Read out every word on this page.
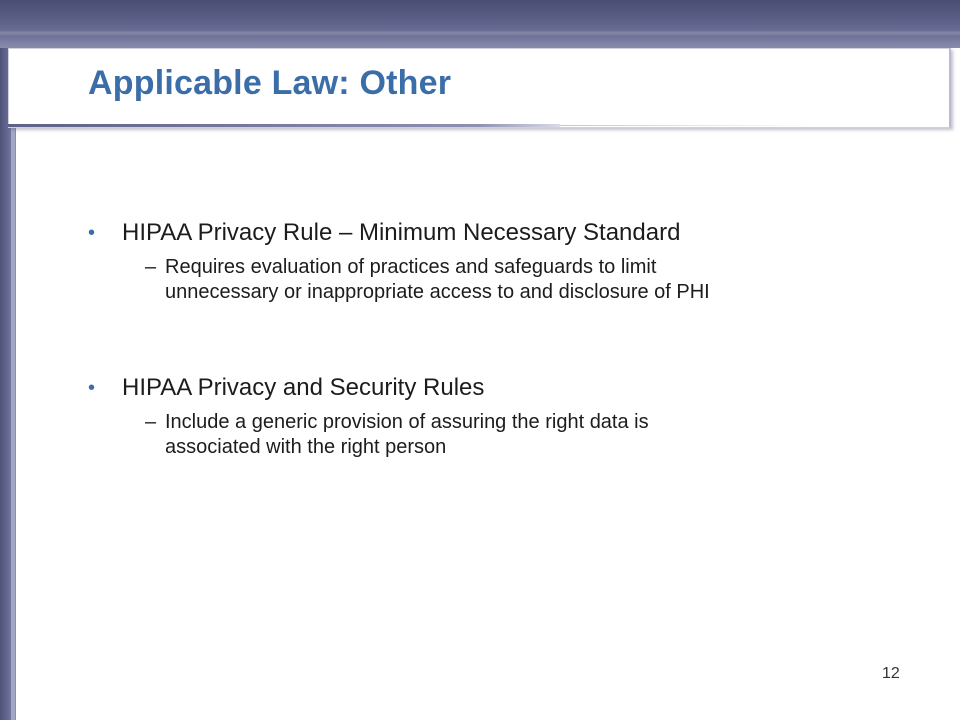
Applicable Law: Other
• HIPAA Privacy Rule – Minimum Necessary Standard
– Requires evaluation of practices and safeguards to limit
unnecessary or inappropriate access to and disclosure of PHI
• HIPAA Privacy and Security Rules
– Include a generic provision of assuring the right data is
associated with the right person
12
